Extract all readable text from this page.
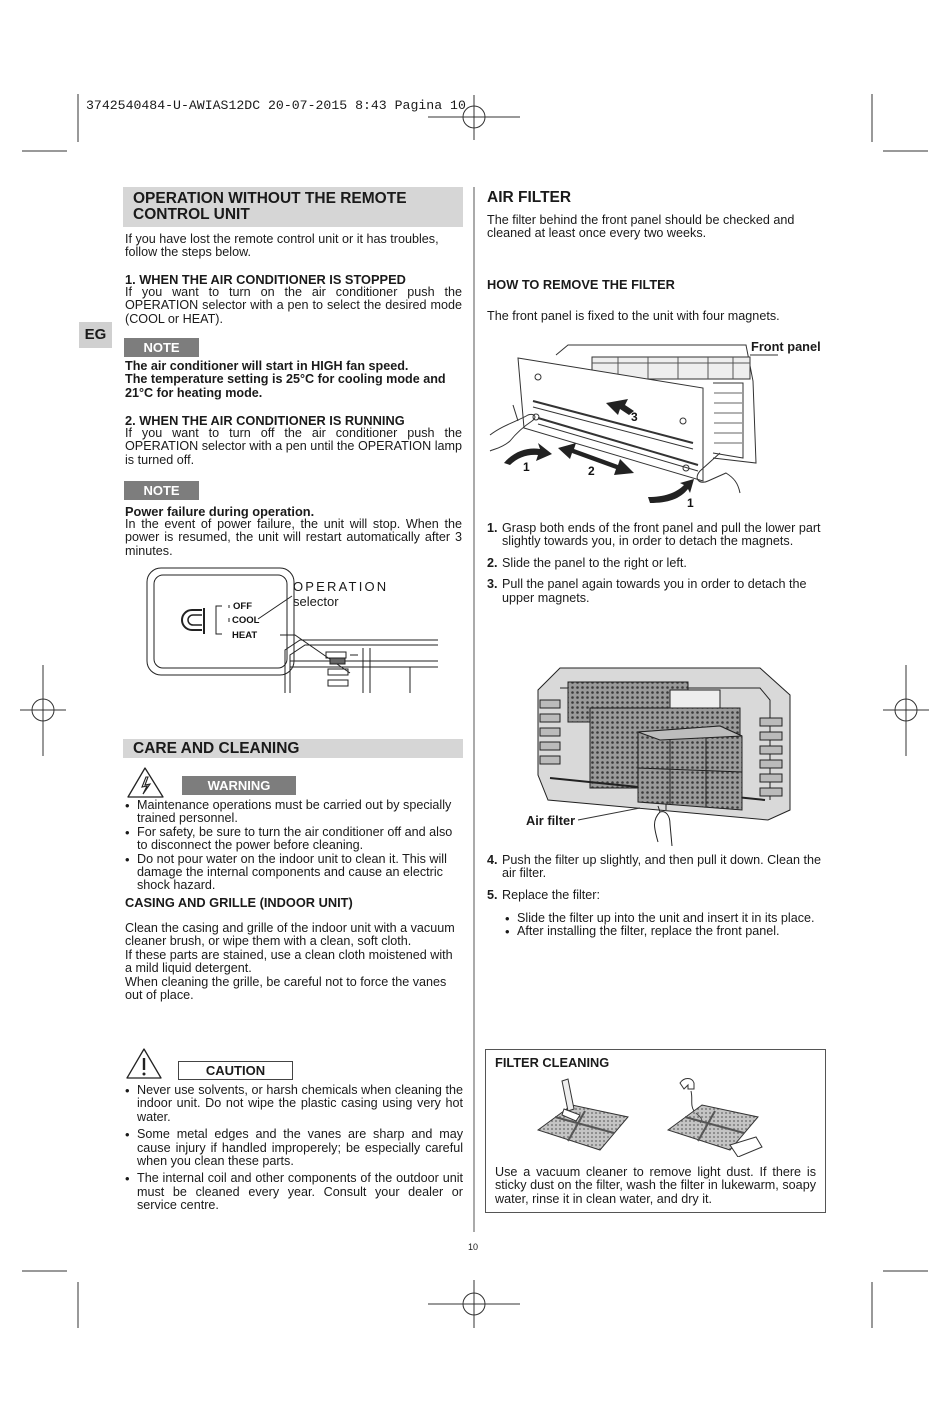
3742540484-U-AWIAS12DC 20-07-2015 8:43 Pagina 10
EG
OPERATION WITHOUT THE REMOTE CONTROL UNIT

If you have lost the remote control unit or it has troubles, follow the steps below.

1. WHEN THE AIR CONDITIONER IS STOPPED

If you want to turn on the air conditioner push the OPERATION selector with a pen to select the desired mode (COOL or HEAT).

NOTE
The air conditioner will start in HIGH fan speed.
The temperature setting is 25°C for cooling mode and 21°C for heating mode.
2. WHEN THE AIR CONDITIONER IS RUNNING

If you want to turn off the air conditioner push the OPERATION selector with a pen until the OPERATION lamp is turned off.

NOTE
Power failure during operation.

In the event of power failure, the unit will stop. When the power is resumed, the unit will restart automatically after 3 minutes.

OFF
COOL
HEAT
OPERATION
selector
CARE AND CLEANING
WARNING
• Maintenance operations must be carried out by specially trained personnel.
• For safety, be sure to turn the air conditioner off and also to disconnect the power before cleaning.
• Do not pour water on the indoor unit to clean it. This will damage the internal components and cause an electric shock hazard.
CASING AND GRILLE (INDOOR UNIT)

Clean the casing and grille of the indoor unit with a vacuum cleaner brush, or wipe them with a clean, soft cloth.

If these parts are stained, use a clean cloth moistened with a mild liquid detergent.

When cleaning the grille, be careful not to force the vanes out of place.

CAUTION
• Never use solvents, or harsh chemicals when cleaning the indoor unit. Do not wipe the plastic casing using very hot water.
• Some metal edges and the vanes are sharp and may cause injury if handled improperely; be especially careful when you clean these parts.
• The internal coil and other components of the outdoor unit must be cleaned every year. Consult your dealer or service centre.
AIR FILTER

The filter behind the front panel should be checked and cleaned at least once every two weeks.

HOW TO REMOVE THE FILTER

The front panel is fixed to the unit with four magnets.

3
1	2
1
Front panel
1. Grasp both ends of the front panel and pull the lower part slightly towards you, in order to detach the magnets.
2. Slide the panel to the right or left.
3. Pull the panel again towards you in order to detach the upper magnets.
Air filter
4. Push the filter up slightly, and then pull it down. Clean the air filter.
5. Replace the filter:
• Slide the filter up into the unit and insert it in its place.
• After installing the filter, replace the front panel.
FILTER CLEANING

Use a vacuum cleaner to remove light dust. If there is sticky dust on the filter, wash the filter in lukewarm, soapy water, rinse it in clean water, and dry it.

10
